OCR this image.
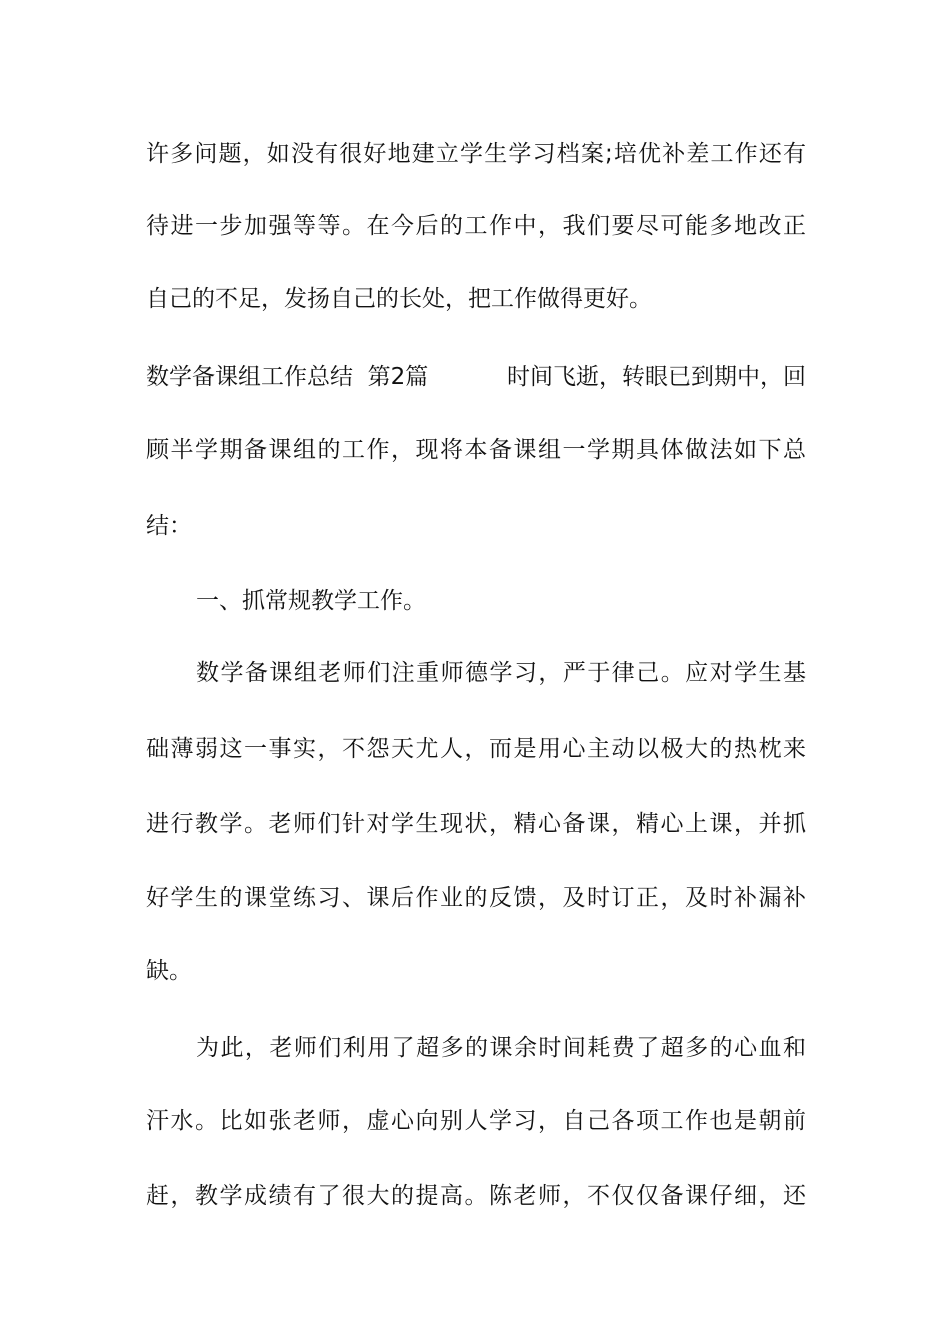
许多问题，如没有很好地建立学生学习档案;培优补差工作还有
待进一步加强等等。在今后的工作中，我们要尽可能多地改正
自己的不足，发扬自己的长处，把工作做得更好。
数学备课组工作总结 第2篇	时间飞逝，转眼已到期中，回
顾半学期备课组的工作，现将本备课组一学期具体做法如下总
结：
一、抓常规教学工作。
数学备课组老师们注重师德学习，严于律己。应对学生基
础薄弱这一事实，不怨天尤人，而是用心主动以极大的热枕来
进行教学。老师们针对学生现状，精心备课，精心上课，并抓
好学生的课堂练习、课后作业的反馈，及时订正，及时补漏补
缺。
为此，老师们利用了超多的课余时间耗费了超多的心血和
汗水。比如张老师，虚心向别人学习，自己各项工作也是朝前
赶，教学成绩有了很大的提高。陈老师，不仅仅备课仔细，还
